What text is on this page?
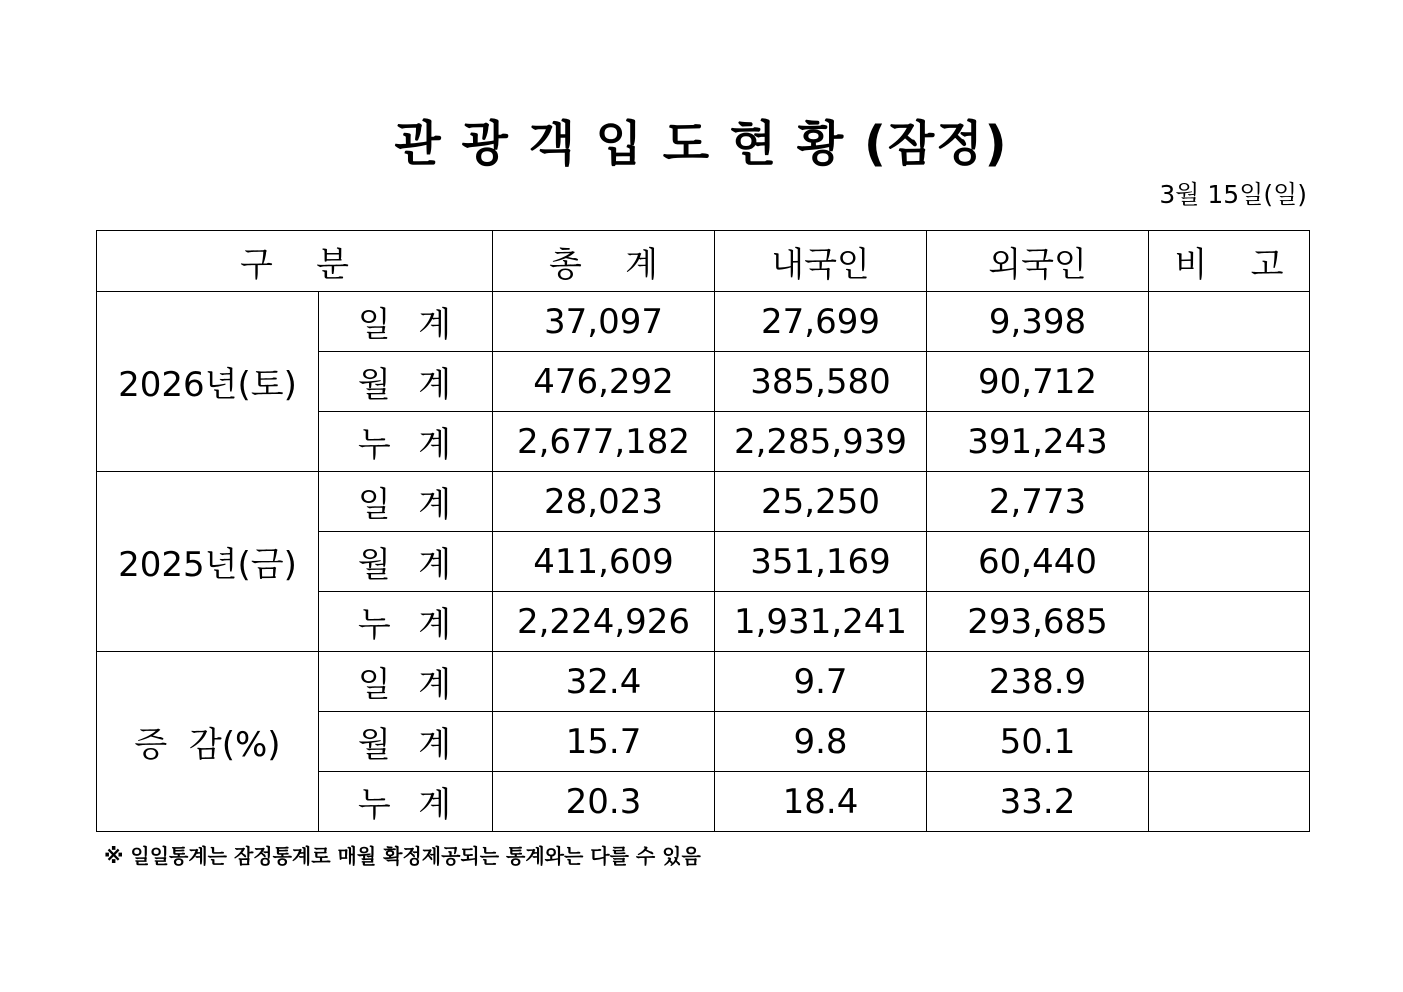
관 광 객 입 도 현 황 (잠정)
3월 15일(일)
구    분		총    계	내국인	외국인	비    고
2026년(토)	일  계	37,097	27,699	9,398	
	월  계	476,292	385,580	90,712	
	누  계	2,677,182	2,285,939	391,243	
2025년(금)	일  계	28,023	25,250	2,773	
	월  계	411,609	351,169	60,440	
	누  계	2,224,926	1,931,241	293,685	
증  감(%)	일  계	32.4	9.7	238.9	
	월  계	15.7	9.8	50.1	
	누  계	20.3	18.4	33.2	
※ 일일통계는 잠정통계로 매월 확정제공되는 통계와는 다를 수 있음
